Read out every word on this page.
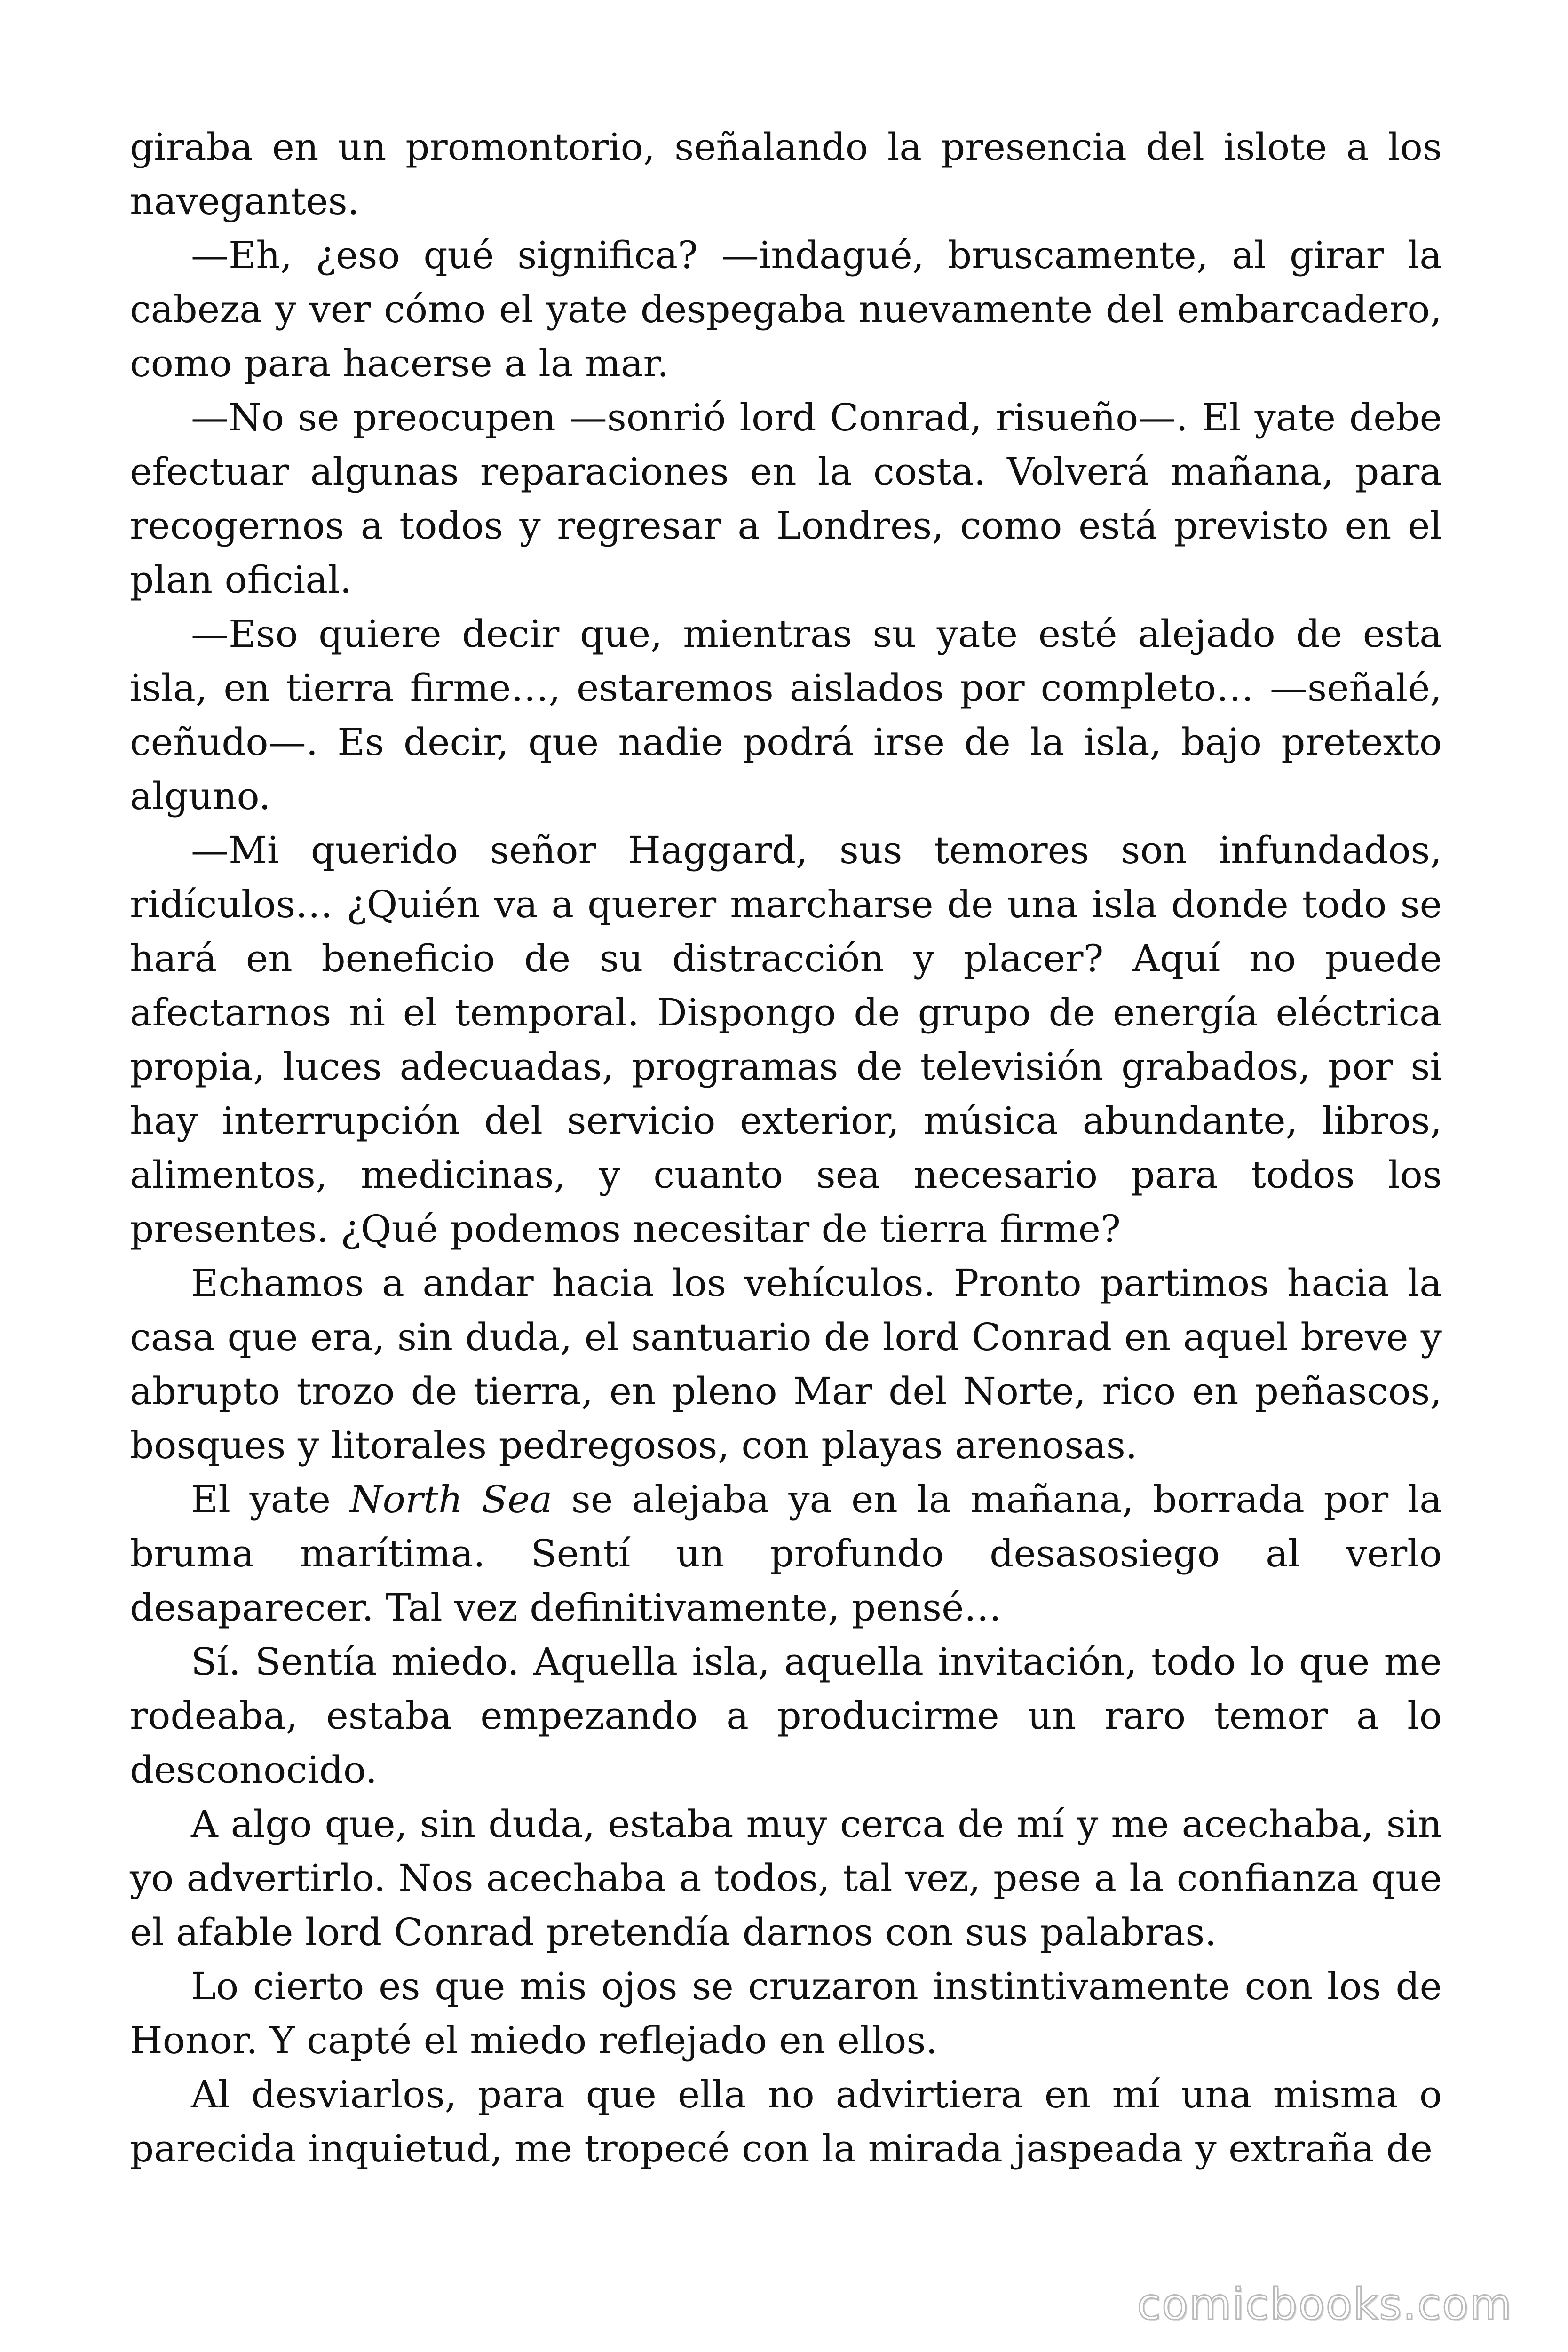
giraba en un promontorio, señalando la presencia del islote a los navegantes.

—Eh, ¿eso qué significa? —indagué, bruscamente, al girar la cabeza y ver cómo el yate despegaba nuevamente del embarcadero, como para hacerse a la mar.

—No se preocupen —sonrió lord Conrad, risueño—. El yate debe efectuar algunas reparaciones en la costa. Volverá mañana, para recogernos a todos y regresar a Londres, como está previsto en el plan oficial.

—Eso quiere decir que, mientras su yate esté alejado de esta isla, en tierra firme…, estaremos aislados por completo… —señalé, ceñudo—. Es decir, que nadie podrá irse de la isla, bajo pretexto alguno.

—Mi querido señor Haggard, sus temores son infundados, ridículos… ¿Quién va a querer marcharse de una isla donde todo se hará en beneficio de su distracción y placer? Aquí no puede afectarnos ni el temporal. Dispongo de grupo de energía eléctrica propia, luces adecuadas, programas de televisión grabados, por si hay interrupción del servicio exterior, música abundante, libros, alimentos, medicinas, y cuanto sea necesario para todos los presentes. ¿Qué podemos necesitar de tierra firme?

Echamos a andar hacia los vehículos. Pronto partimos hacia la casa que era, sin duda, el santuario de lord Conrad en aquel breve y abrupto trozo de tierra, en pleno Mar del Norte, rico en peñascos, bosques y litorales pedregosos, con playas arenosas.

El yate North Sea se alejaba ya en la mañana, borrada por la bruma marítima. Sentí un profundo desasosiego al verlo desaparecer. Tal vez definitivamente, pensé…

Sí. Sentía miedo. Aquella isla, aquella invitación, todo lo que me rodeaba, estaba empezando a producirme un raro temor a lo desconocido.

A algo que, sin duda, estaba muy cerca de mí y me acechaba, sin yo advertirlo. Nos acechaba a todos, tal vez, pese a la confianza que el afable lord Conrad pretendía darnos con sus palabras.

Lo cierto es que mis ojos se cruzaron instintivamente con los de Honor. Y capté el miedo reflejado en ellos.

Al desviarlos, para que ella no advirtiera en mí una misma o parecida inquietud, me tropecé con la mirada jaspeada y extraña de

comicbooks.com
